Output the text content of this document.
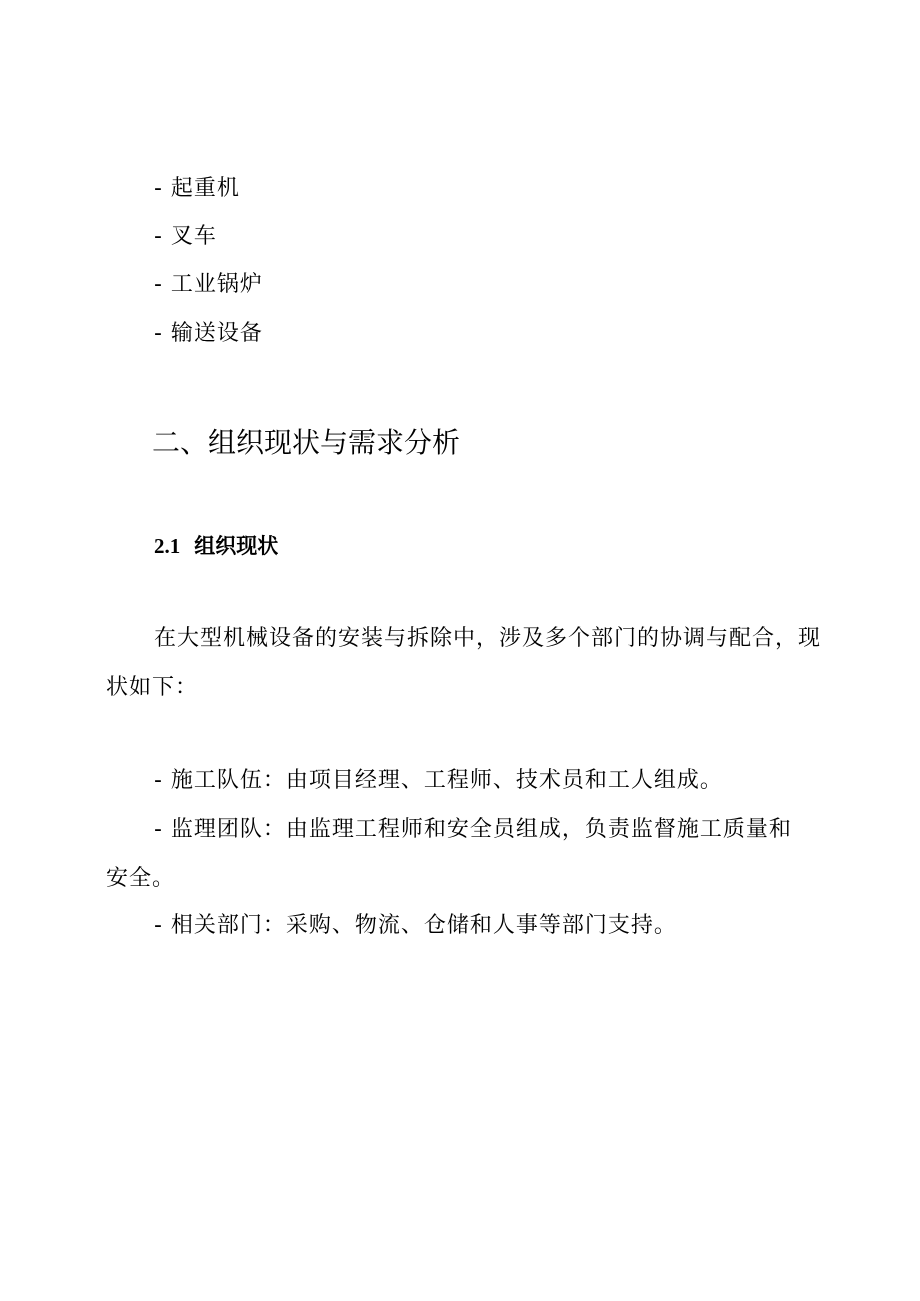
- 起重机
- 叉车
- 工业锅炉
- 输送设备
二、组织现状与需求分析
2.1 组织现状
在大型机械设备的安装与拆除中，涉及多个部门的协调与配合，现
状如下：
- 施工队伍：由项目经理、工程师、技术员和工人组成。
- 监理团队：由监理工程师和安全员组成，负责监督施工质量和
安全。
- 相关部门：采购、物流、仓储和人事等部门支持。
